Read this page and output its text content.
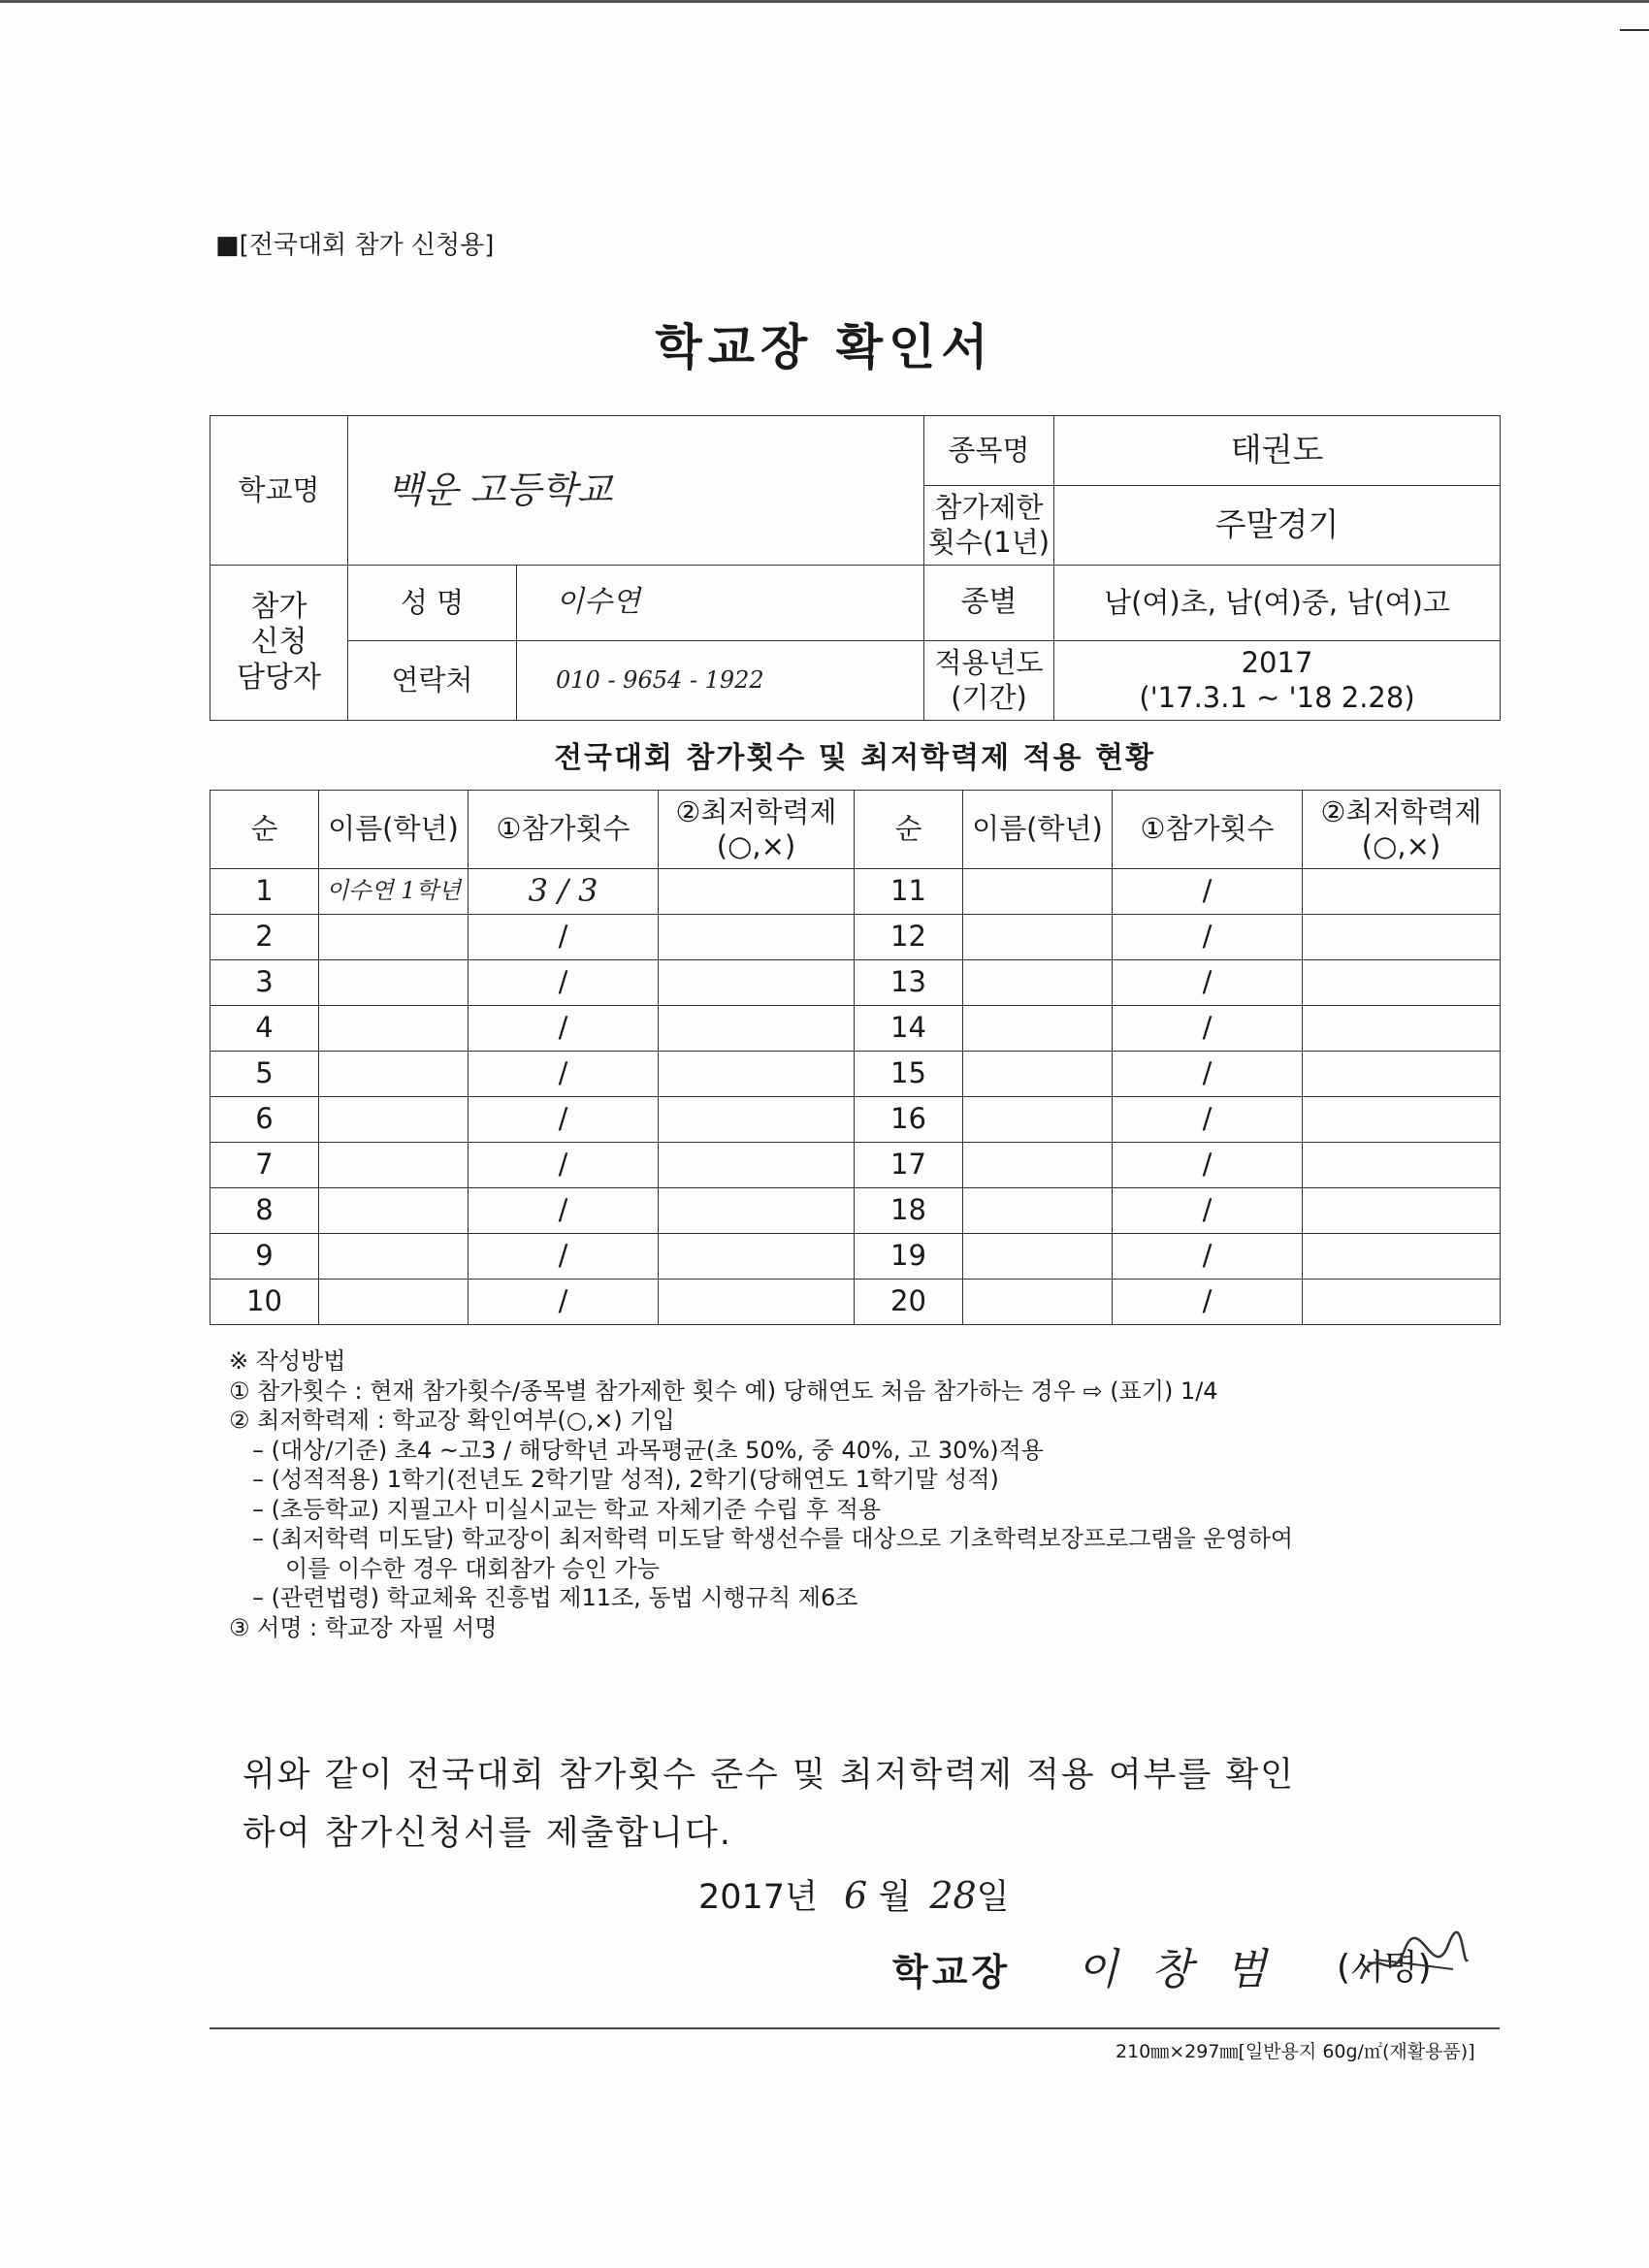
■[전국대회 참가 신청용]
학교장 확인서
학교명	백운 고등학교		종목명	태권도
			참가제한 횟수(1년)	주말경기
참가 신청 담당자	성 명	이수연	종별	남(여)초, 남(여)중, 남(여)고
	연락처	010 - 9654 - 1922	적용년도 (기간)	2017
('17.3.1 ~ '18 2.28)
전국대회 참가횟수 및 최저학력제 적용 현황
순	이름(학년)	①참가횟수	②최저학력제 (○,×)	순	이름(학년)	①참가횟수	②최저학력제 (○,×)
1	이수연 1학년	3 / 3		11		/	
2		/		12		/	
3		/		13		/	
4		/		14		/	
5		/		15		/	
6		/		16		/	
7		/		17		/	
8		/		18		/	
9		/		19		/	
10		/		20		/	
※ 작성방법
① 참가횟수 : 현재 참가횟수/종목별 참가제한 횟수 예) 당해연도 처음 참가하는 경우 ⇨ (표기) 1/4
② 최저학력제 : 학교장 확인여부(○,×) 기입
– (대상/기준) 초4 ~고3 / 해당학년 과목평균(초 50%, 중 40%, 고 30%)적용
– (성적적용) 1학기(전년도 2학기말 성적), 2학기(당해연도 1학기말 성적)
– (초등학교) 지필고사 미실시교는 학교 자체기준 수립 후 적용
– (최저학력 미도달) 학교장이 최저학력 미도달 학생선수를 대상으로 기초학력보장프로그램을 운영하여
이를 이수한 경우 대회참가 승인 가능
– (관련법령) 학교체육 진흥법 제11조, 동법 시행규칙 제6조
③ 서명 : 학교장 자필 서명
위와 같이 전국대회 참가횟수 준수 및 최저학력제 적용 여부를 확인
하여 참가신청서를 제출합니다.
2017년 6 월 28일
학교장 이 창 범 (서명)
210㎜×297㎜[일반용지 60g/㎡(재활용품)]
